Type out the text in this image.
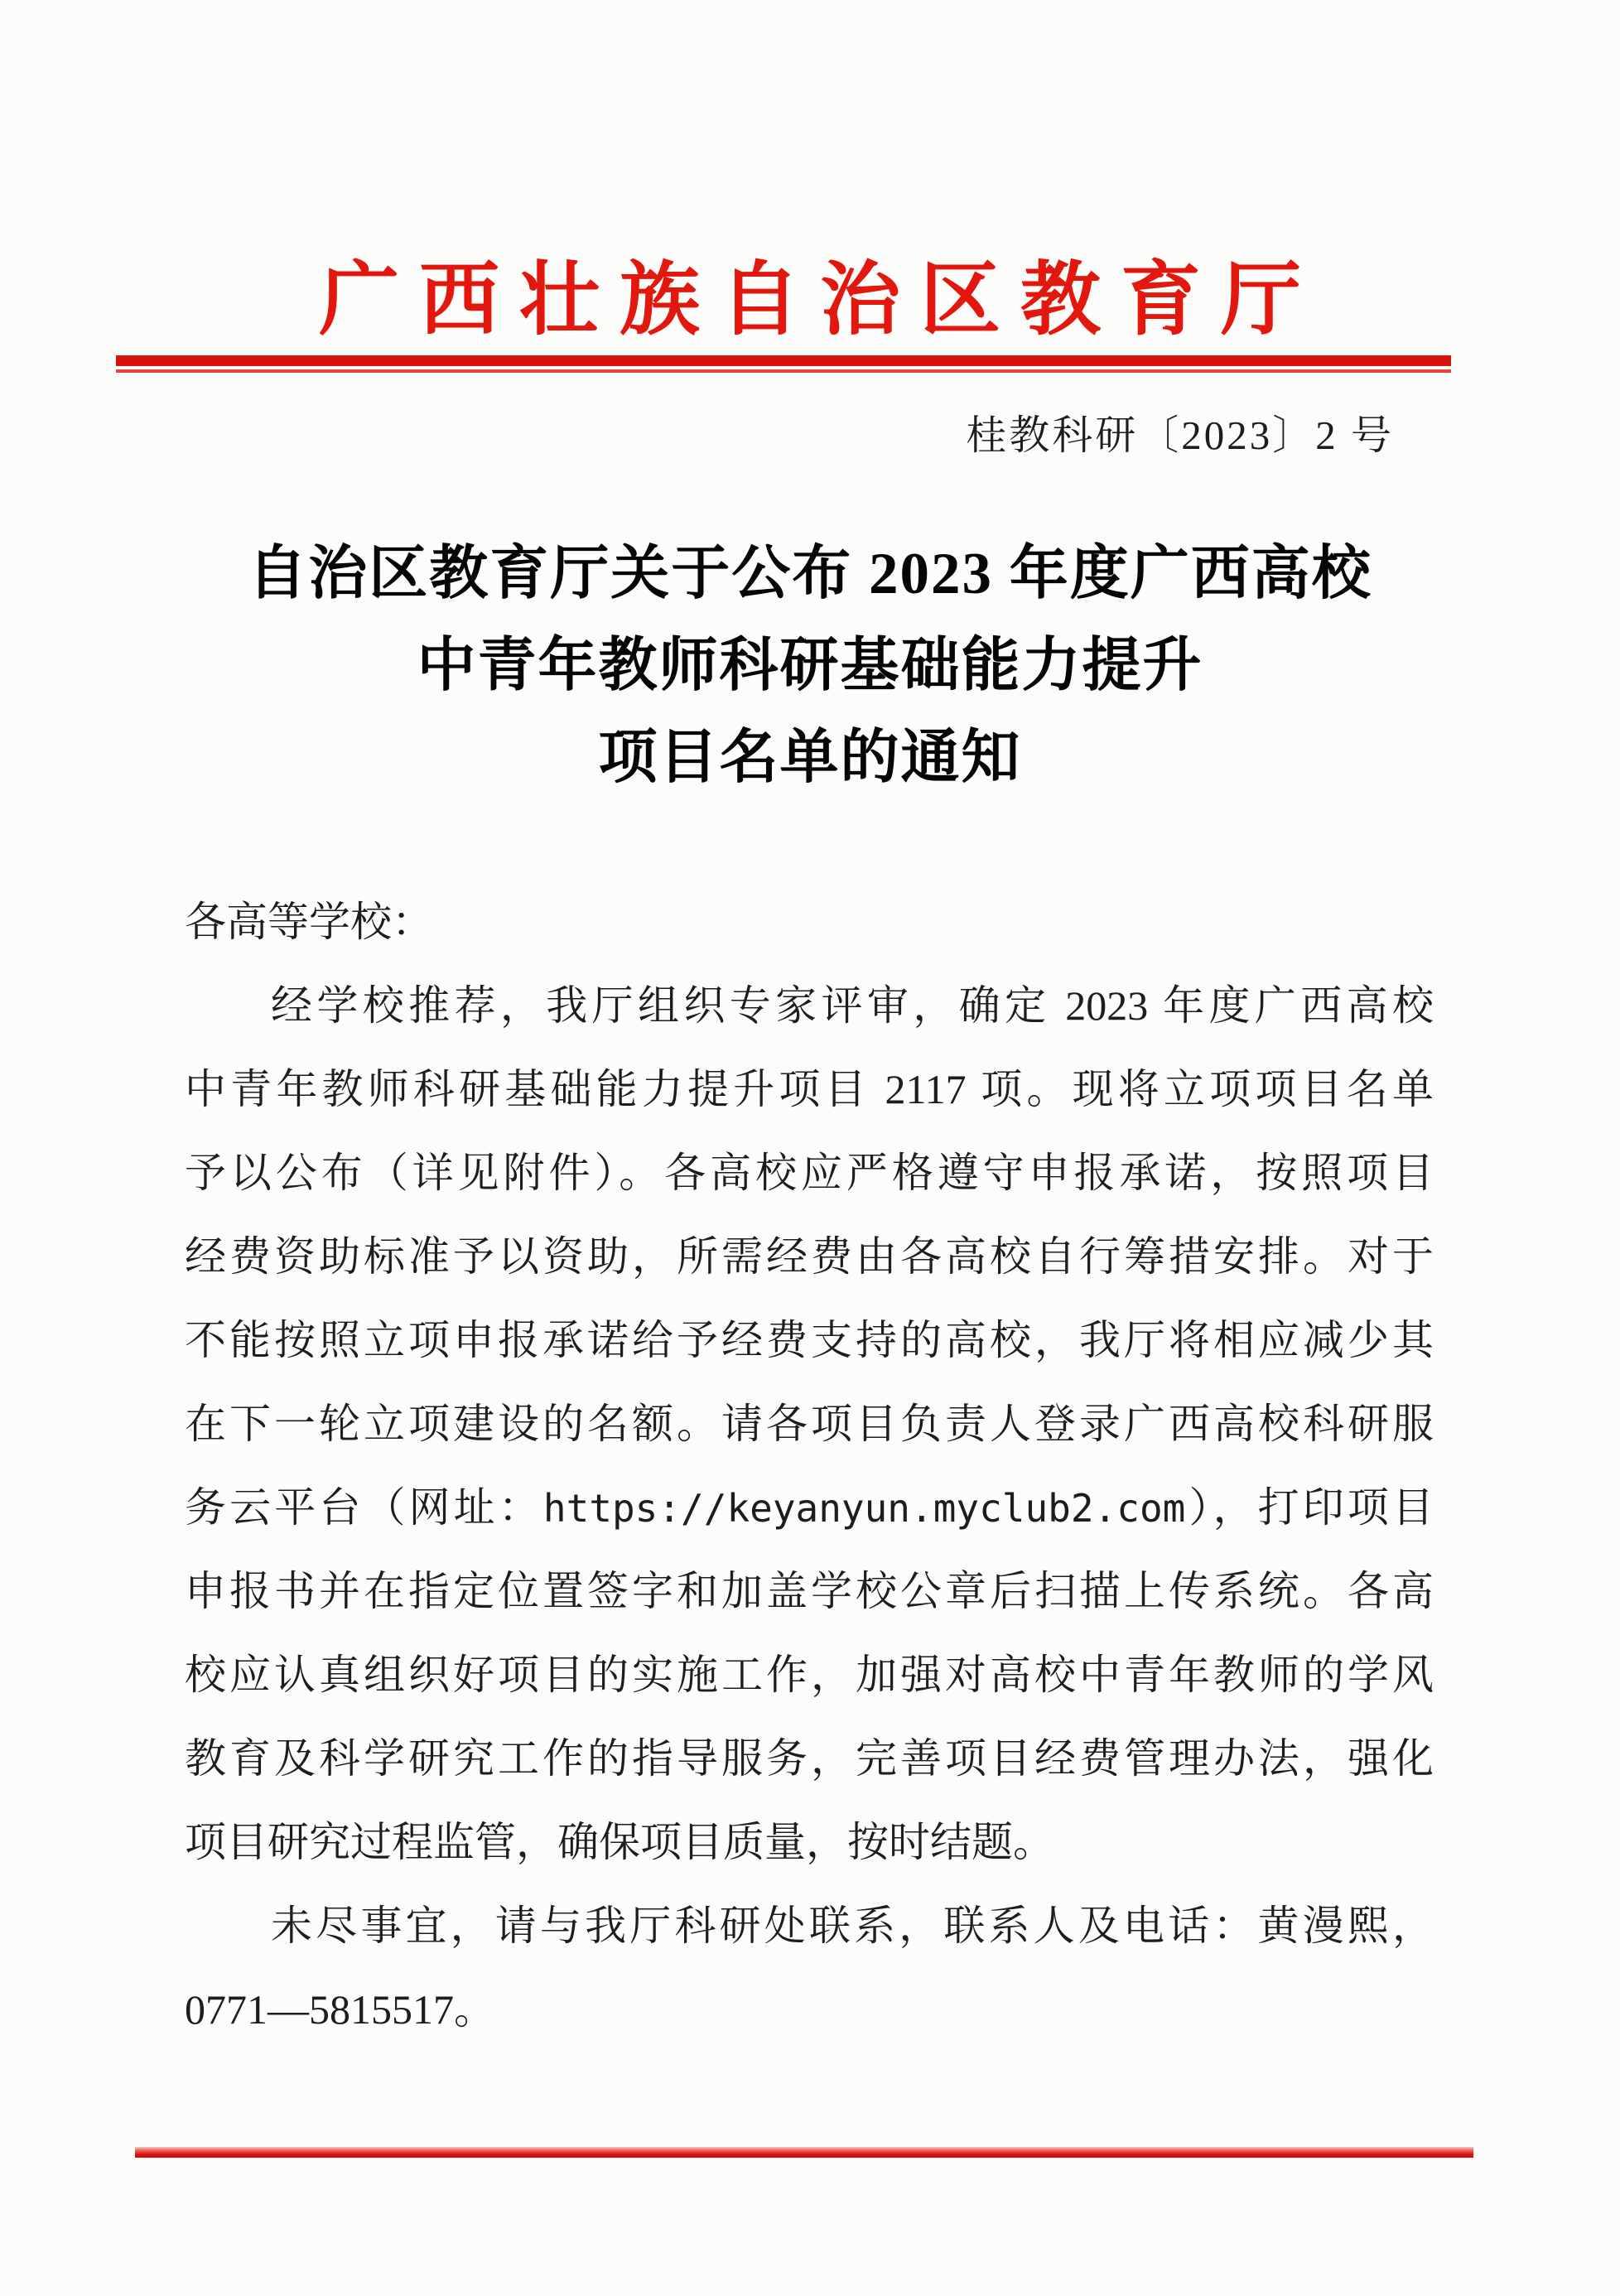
广西壮族自治区教育厅
桂教科研〔2023〕2 号
自治区教育厅关于公布 2023 年度广西高校
中青年教师科研基础能力提升
项目名单的通知

各高等学校：

经学校推荐，我厅组织专家评审，确定 2023 年度广西高校

中青年教师科研基础能力提升项目 2117 项。现将立项项目名单

予以公布（详见附件）。各高校应严格遵守申报承诺，按照项目

经费资助标准予以资助，所需经费由各高校自行筹措安排。对于

不能按照立项申报承诺给予经费支持的高校，我厅将相应减少其

在下一轮立项建设的名额。请各项目负责人登录广西高校科研服

务云平台（网址：https://keyanyun.myclub2.com），打印项目

申报书并在指定位置签字和加盖学校公章后扫描上传系统。各高

校应认真组织好项目的实施工作，加强对高校中青年教师的学风

教育及科学研究工作的指导服务，完善项目经费管理办法，强化

项目研究过程监管，确保项目质量，按时结题。

未尽事宜，请与我厅科研处联系，联系人及电话：黄漫熙，

0771—5815517。
